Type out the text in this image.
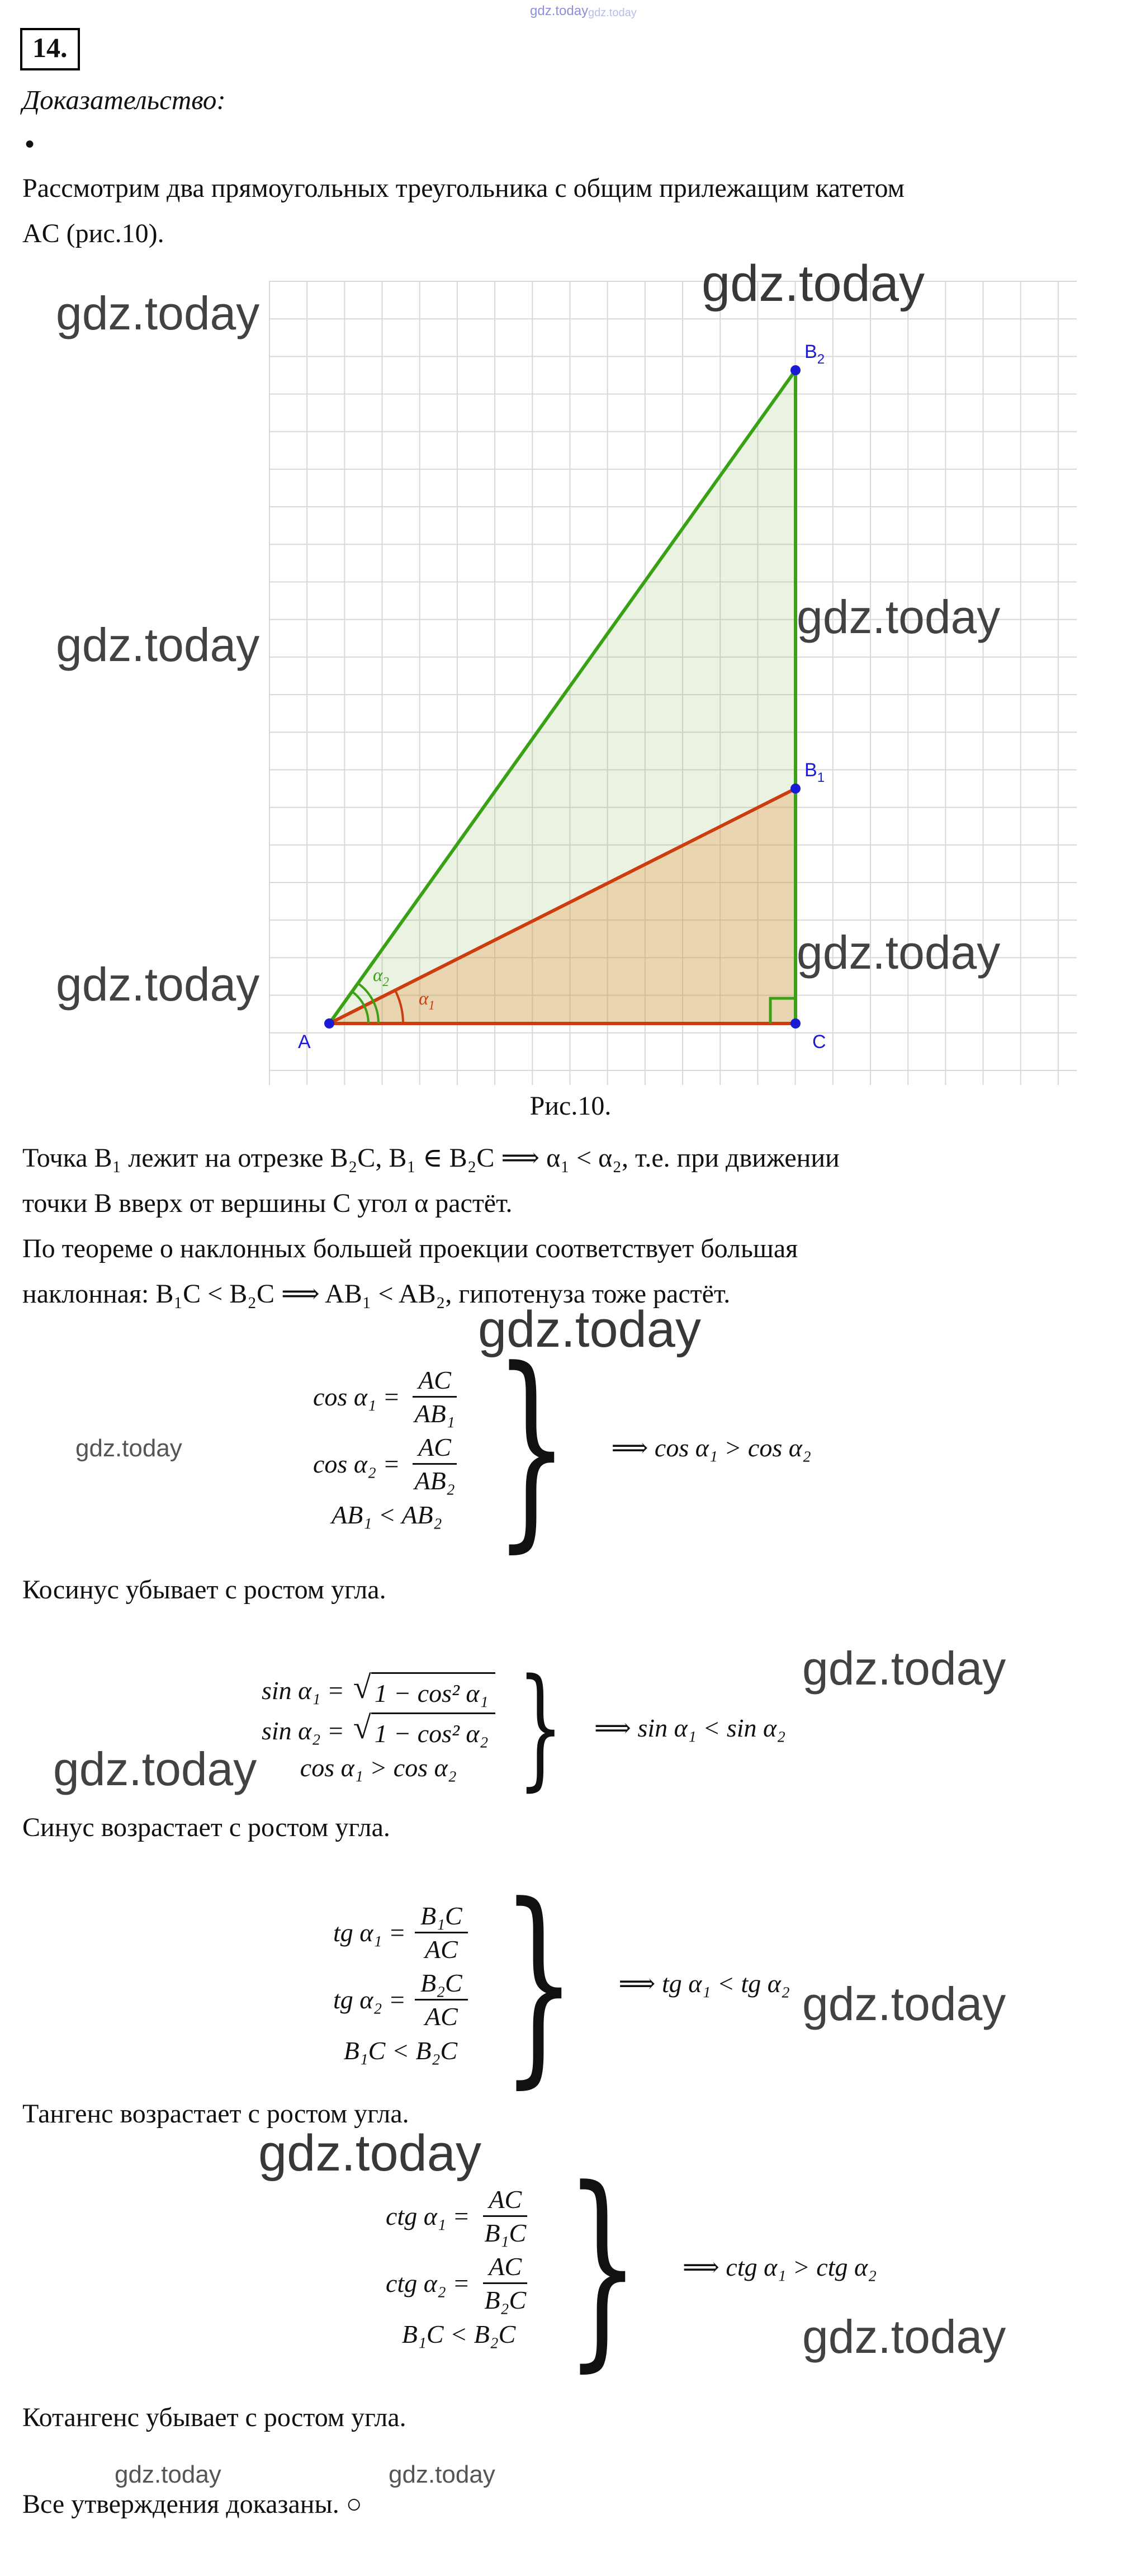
gdz.today gdz.today
14.
Доказательство:
●
Рассмотрим два прямоугольных треугольника с общим прилежащим катетом
AC (рис.10).
A	C
$B_1$
$B_2$
$\alpha_2$
$\alpha_1$
Рис.10.
Точка B₁ лежит на отрезке B₂C, B₁ ∈ B₂C ⟹ α₁ < α₂, т.е. при движении
точки B вверх от вершины C угол α растёт.
По теореме о наклонных большей проекции соответствует большая
наклонная: B₁C < B₂C ⟹ AB₁ < AB₂, гипотенуза тоже растёт.
$\cos \alpha_1 = \frac{AC}{\text{AB₁}}$
$\cos \alpha_2 = \frac{AC}{\text{AB₂}}$
AB₁ < AB₂ } ⟹ cos α₁ > cos α₂
Косинус убывает с ростом угла.
sin α₁ = √ 1 − cos² α₁
sin α₂ = √ 1 − cos² α₂
cos α₁ > cos α₂ } ⟹ sin α₁ < sin α₂
Синус возрастает с ростом угла.
tg $\alpha_1 = \frac{\text{B₁C}}{AC}$
tg $\alpha_2 = \frac{\text{B₂C}}{AC}$
B₁C < B₂C } ⟹ tg α₁ < tg α₂
Тангенс возрастает с ростом угла.
ctg $\alpha_1 = \frac{AC}{\text{B₁C}}$
ctg $\alpha_2 = \frac{AC}{\text{B₂C}}$
B₁C < B₂C } ⟹ ctg α₁ > ctg α₂
Котангенс убывает с ростом угла.
Все утверждения доказаны. ○
gdz.today
gdz.today
gdz.today
gdz.today
gdz.today
gdz.today
gdz.today
gdz.today
gdz.today
gdz.today
gdz.today
gdz.today
gdz.today
gdz.today	gdz.today
